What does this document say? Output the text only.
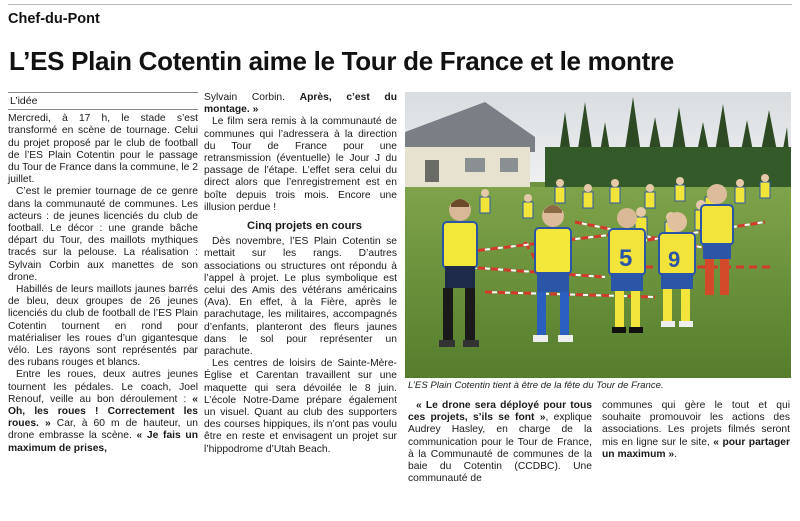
Chef-du-Pont
L’ES Plain Cotentin aime le Tour de France et le montre
L’idée

Mercredi, à 17 h, le stade s’est transformé en scène de tournage. Celui du projet proposé par le club de football de l’ES Plain Cotentin pour le passage du Tour de France dans la commune, le 2 juillet.

C’est le premier tournage de ce genre dans la communauté de communes. Les acteurs : de jeunes licenciés du club de football. Le décor : une grande bâche départ du Tour, des maillots mythiques tracés sur la pelouse. La réalisation : Sylvain Corbin aux manettes de son drone.

Habillés de leurs maillots jaunes barrés de bleu, deux groupes de 26 jeunes licenciés du club de football de l’ES Plain Cotentin tournent en rond pour matérialiser les roues d’un gigantesque vélo. Les rayons sont représentés par des rubans rouges et blancs.

Entre les roues, deux autres jeunes tournent les pédales. Le coach, Joel Renouf, veille au bon déroulement : « Oh, les roues ! Correctement les roues. » Car, à 60 m de hauteur, un drone embrasse la scène. « Je fais un maximum de prises,

Sylvain Corbin. Après, c’est du montage. »

Le film sera remis à la communauté de communes qui l’adressera à la direction du Tour de France pour une retransmission (éventuelle) le Jour J du passage de l’étape. L’effet sera celui du direct alors que l’enregistrement est en boîte depuis trois mois. Encore une illusion perdue !

Cinq projets en cours

Dès novembre, l’ES Plain Cotentin se mettait sur les rangs. D’autres associations ou structures ont répondu à l’appel à projet. Le plus symbolique est celui des Amis des vétérans américains (Ava). En effet, à la Fière, après le parachutage, les militaires, accompagnés d’enfants, planteront des fleurs jaunes dans le sol pour représenter un parachute.

Les centres de loisirs de Sainte-Mère-Église et Carentan travaillent sur une maquette qui sera dévoilée le 8 juin. L’école Notre-Dame prépare également un visuel. Quant au club des supporters des courses hippiques, ils n’ont pas voulu être en reste et envisagent un projet sur l’hippodrome d’Utah Beach.

5 9
L’ES Plain Cotentin tient à être de la fête du Tour de France.

« Le drone sera déployé pour tous ces projets, s’ils se font », explique Audrey Hasley, en charge de la communication pour le Tour de France, à la Communauté de communes de la baie du Cotentin (CCDBC). Une communauté de

communes qui gère le tout et qui souhaite promouvoir les actions des associations. Les projets filmés seront mis en ligne sur le site, « pour partager un maximum ».
